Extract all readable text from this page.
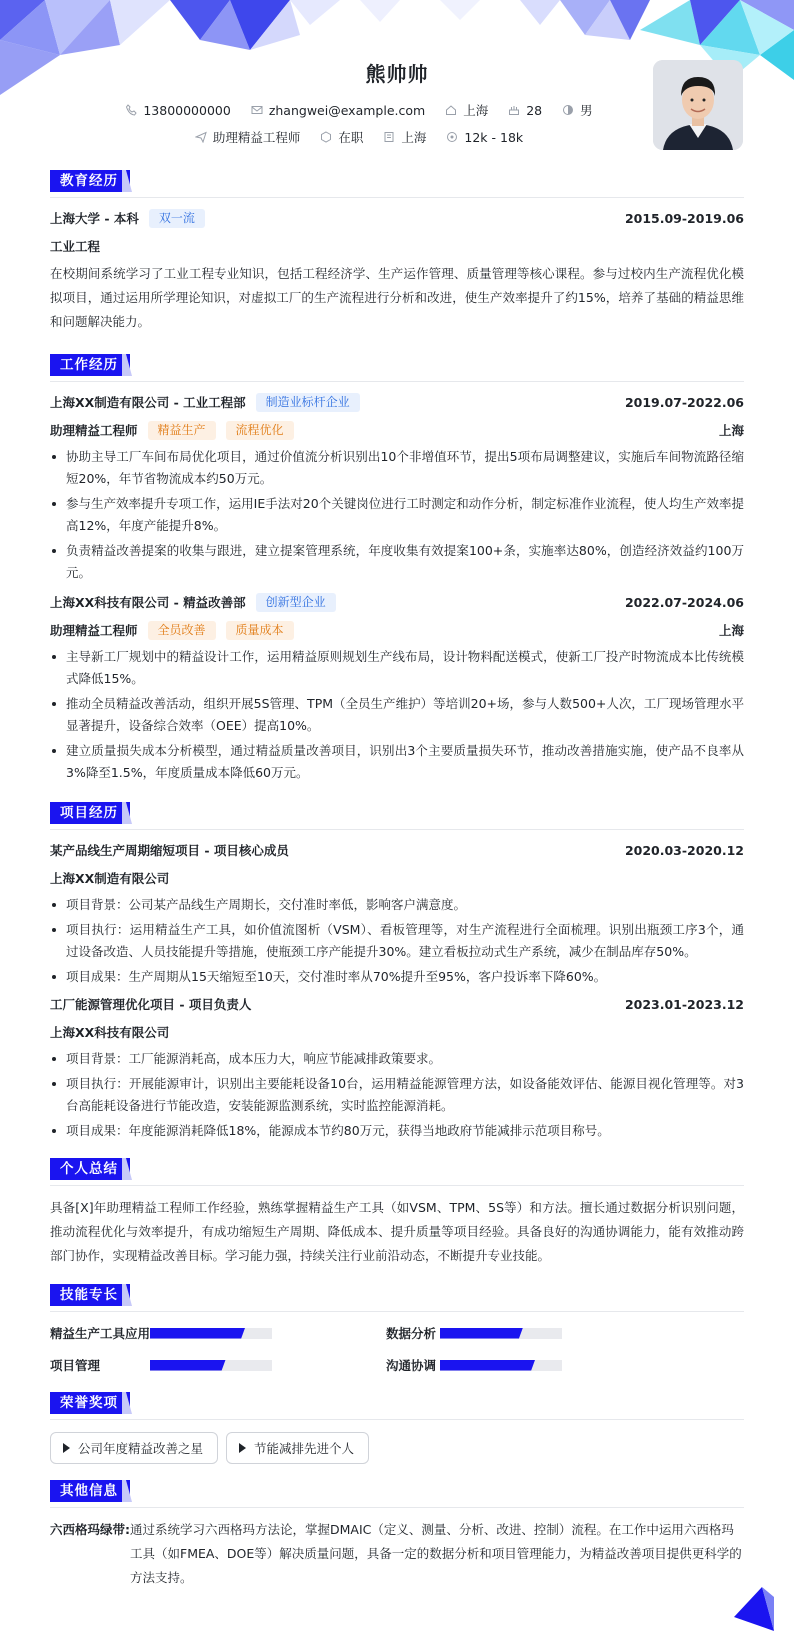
熊帅帅
13800000000	zhangwei@example.com	上海	28	男
助理精益工程师	在职	上海	12k - 18k
教育经历
上海大学 - 本科	双一流	2015.09-2019.06
工业工程
在校期间系统学习了工业工程专业知识，包括工程经济学、生产运作管理、质量管理等核心课程。参与过校内生产流程优化模拟项目，通过运用所学理论知识，对虚拟工厂的生产流程进行分析和改进，使生产效率提升了约15%，培养了基础的精益思维和问题解决能力。
工作经历
上海XX制造有限公司 - 工业工程部	制造业标杆企业	2019.07-2022.06
助理精益工程师	精益生产	流程优化	上海
协助主导工厂车间布局优化项目，通过价值流分析识别出10个非增值环节，提出5项布局调整建议，实施后车间物流路径缩短20%，年节省物流成本约50万元。
参与生产效率提升专项工作，运用IE手法对20个关键岗位进行工时测定和动作分析，制定标准作业流程，使人均生产效率提高12%，年度产能提升8%。
负责精益改善提案的收集与跟进，建立提案管理系统，年度收集有效提案100+条，实施率达80%，创造经济效益约100万元。
上海XX科技有限公司 - 精益改善部	创新型企业	2022.07-2024.06
助理精益工程师	全员改善	质量成本	上海
主导新工厂规划中的精益设计工作，运用精益原则规划生产线布局，设计物料配送模式，使新工厂投产时物流成本比传统模式降低15%。
推动全员精益改善活动，组织开展5S管理、TPM（全员生产维护）等培训20+场，参与人数500+人次，工厂现场管理水平显著提升，设备综合效率（OEE）提高10%。
建立质量损失成本分析模型，通过精益质量改善项目，识别出3个主要质量损失环节，推动改善措施实施，使产品不良率从3%降至1.5%，年度质量成本降低60万元。
项目经历
某产品线生产周期缩短项目 - 项目核心成员	2020.03-2020.12
上海XX制造有限公司
项目背景：公司某产品线生产周期长，交付准时率低，影响客户满意度。
项目执行：运用精益生产工具，如价值流图析（VSM）、看板管理等，对生产流程进行全面梳理。识别出瓶颈工序3个，通过设备改造、人员技能提升等措施，使瓶颈工序产能提升30%。建立看板拉动式生产系统，减少在制品库存50%。
项目成果：生产周期从15天缩短至10天，交付准时率从70%提升至95%，客户投诉率下降60%。
工厂能源管理优化项目 - 项目负责人	2023.01-2023.12
上海XX科技有限公司
项目背景：工厂能源消耗高，成本压力大，响应节能减排政策要求。
项目执行：开展能源审计，识别出主要能耗设备10台，运用精益能源管理方法，如设备能效评估、能源目视化管理等。对3台高能耗设备进行节能改造，安装能源监测系统，实时监控能源消耗。
项目成果：年度能源消耗降低18%，能源成本节约80万元，获得当地政府节能减排示范项目称号。
个人总结
具备[X]年助理精益工程师工作经验，熟练掌握精益生产工具（如VSM、TPM、5S等）和方法。擅长通过数据分析识别问题，推动流程优化与效率提升，有成功缩短生产周期、降低成本、提升质量等项目经验。具备良好的沟通协调能力，能有效推动跨部门协作，实现精益改善目标。学习能力强，持续关注行业前沿动态，不断提升专业技能。
技能专长
精益生产工具应用	数据分析
项目管理	沟通协调
荣誉奖项
公司年度精益改善之星	节能减排先进个人
其他信息
六西格玛绿带: 通过系统学习六西格玛方法论，掌握DMAIC（定义、测量、分析、改进、控制）流程。在工作中运用六西格玛工具（如FMEA、DOE等）解决质量问题，具备一定的数据分析和项目管理能力，为精益改善项目提供更科学的方法支持。
